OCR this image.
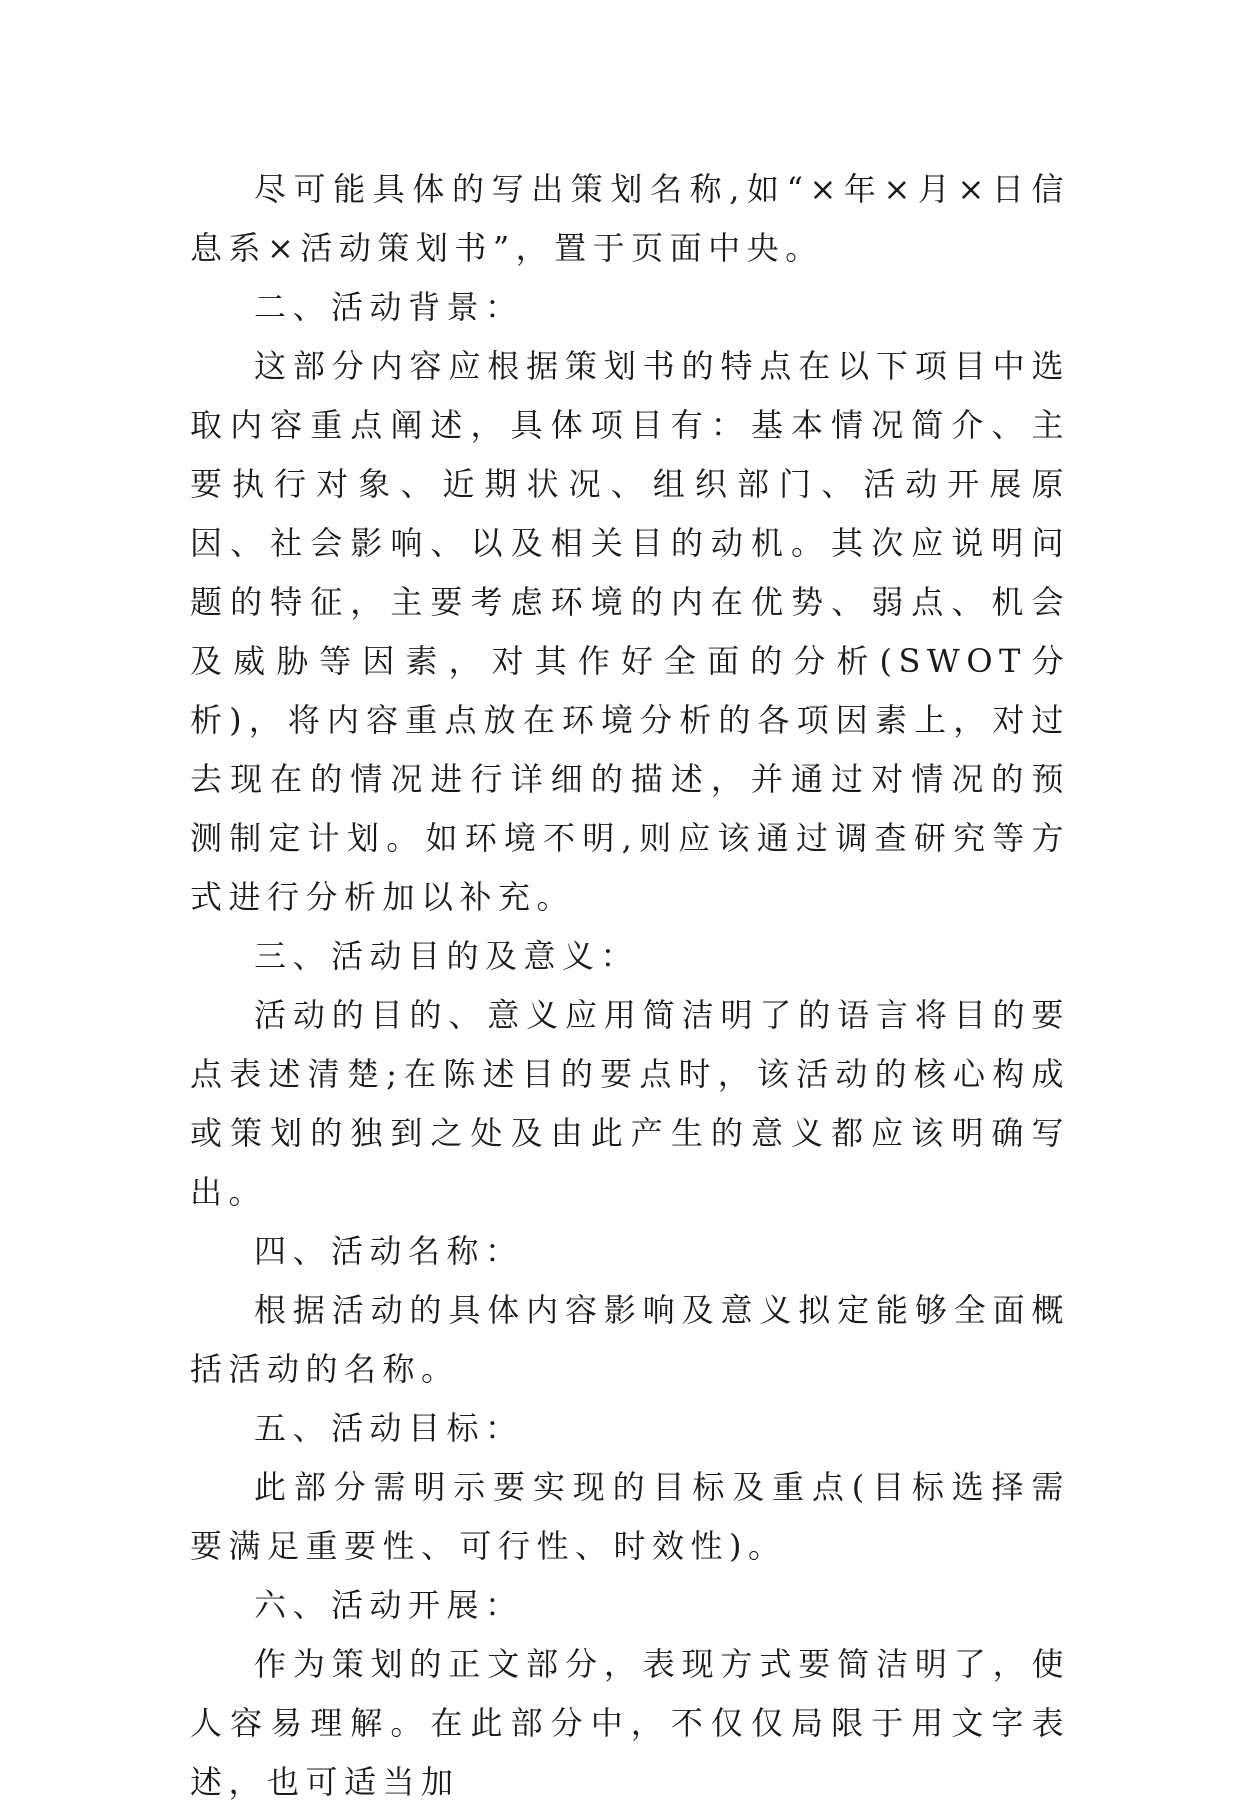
尽可能具体的写出策划名称,如“×年×月×日信息系×活动策划书”，置于页面中央。

二、活动背景：

这部分内容应根据策划书的特点在以下项目中选取内容重点阐述，具体项目有：基本情况简介、主要执行对象、近期状况、组织部门、活动开展原因、社会影响、以及相关目的动机。其次应说明问题的特征，主要考虑环境的内在优势、弱点、机会及威胁等因素，对其作好全面的分析(SWOT分析)，将内容重点放在环境分析的各项因素上，对过去现在的情况进行详细的描述，并通过对情况的预测制定计划。如环境不明,则应该通过调查研究等方式进行分析加以补充。

三、活动目的及意义：

活动的目的、意义应用简洁明了的语言将目的要点表述清楚;在陈述目的要点时，该活动的核心构成或策划的独到之处及由此产生的意义都应该明确写出。

四、活动名称：

根据活动的具体内容影响及意义拟定能够全面概括活动的名称。

五、活动目标：

此部分需明示要实现的目标及重点(目标选择需要满足重要性、可行性、时效性)。

六、活动开展：

作为策划的正文部分，表现方式要简洁明了，使人容易理解。在此部分中，不仅仅局限于用文字表述，也可适当加
